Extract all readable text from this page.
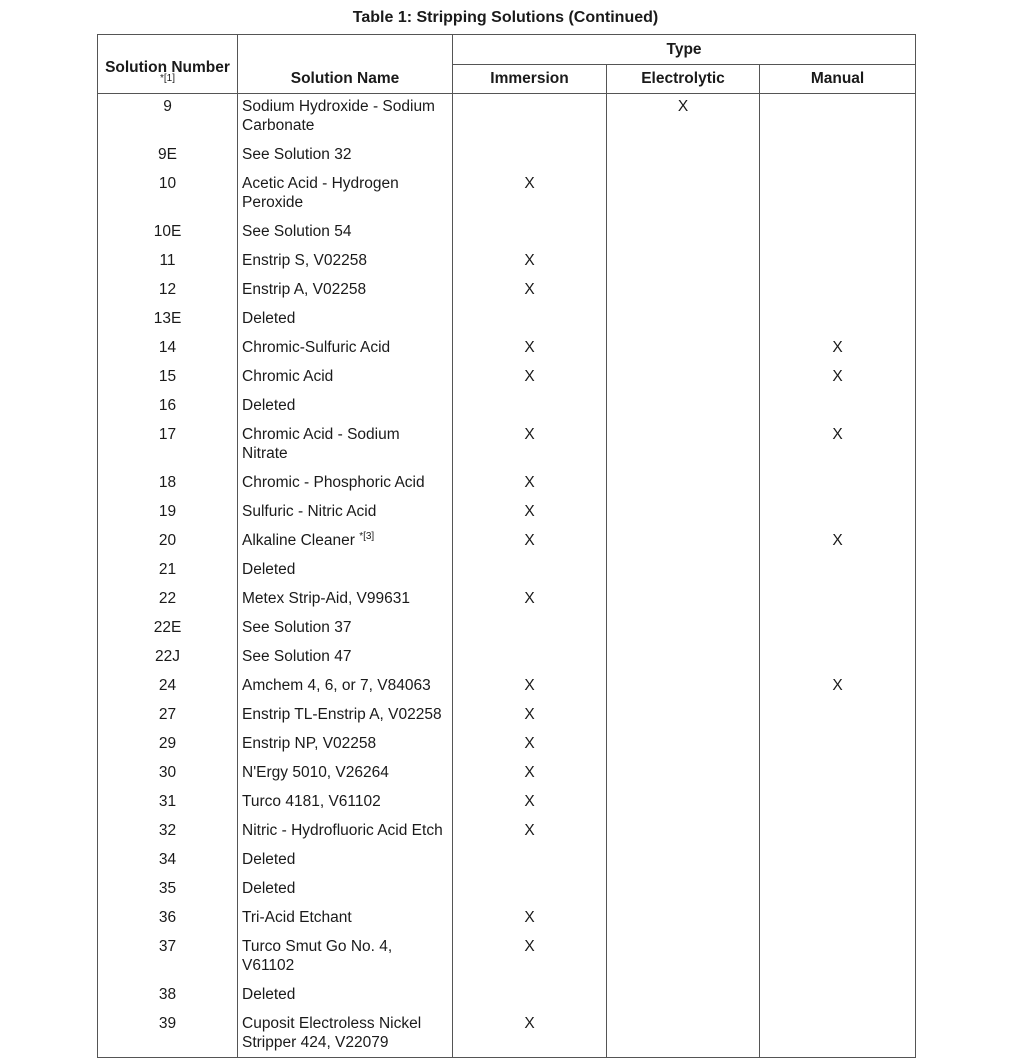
Table 1: Stripping Solutions (Continued)
Solution Number
*[1]	Solution Name	Type		
		Immersion	Electrolytic	Manual
9	Sodium Hydroxide - Sodium Carbonate		X	
9E	See Solution 32			
10	Acetic Acid - Hydrogen Peroxide	X		
10E	See Solution 54			
11	Enstrip S, V02258	X		
12	Enstrip A, V02258	X		
13E	Deleted			
14	Chromic-Sulfuric Acid	X		X
15	Chromic Acid	X		X
16	Deleted			
17	Chromic Acid - Sodium Nitrate	X		X
18	Chromic - Phosphoric Acid	X		
19	Sulfuric - Nitric Acid	X		
20	Alkaline Cleaner $^{*[3]}$	X		X
21	Deleted			
22	Metex Strip-Aid, V99631	X		
22E	See Solution 37			
22J	See Solution 47			
24	Amchem 4, 6, or 7, V84063	X		X
27	Enstrip TL-Enstrip A, V02258	X		
29	Enstrip NP, V02258	X		
30	N'Ergy 5010, V26264	X		
31	Turco 4181, V61102	X		
32	Nitric - Hydrofluoric Acid Etch	X		
34	Deleted			
35	Deleted			
36	Tri-Acid Etchant	X		
37	Turco Smut Go No. 4, V61102	X		
38	Deleted			
39	Cuposit Electroless Nickel Stripper 424, V22079	X		
